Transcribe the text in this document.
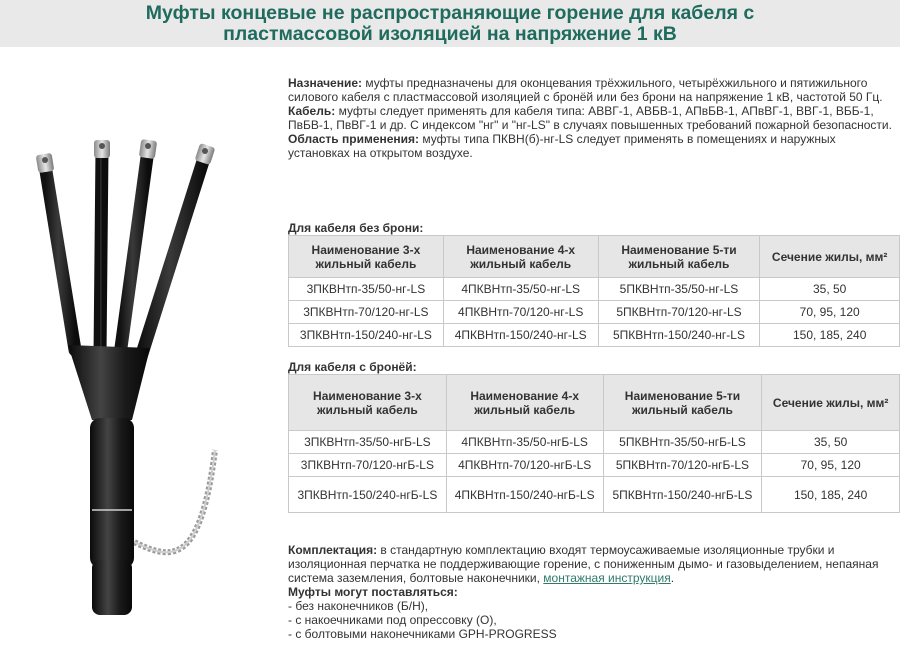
Муфты концевые не распространяющие горение для кабеля с
пластмассовой изоляцией на напряжение 1 кВ
Назначение: муфты предназначены для оконцевания трёхжильного, четырёхжильного и пятижильного силового кабеля с пластмассовой изоляцией с бронёй или без брони на напряжение 1 кВ, частотой 50 Гц.
Кабель: муфты следует применять для кабеля типа: АВВГ-1, АВБВ-1, АПвБВ-1, АПвВГ-1, ВВГ-1, ВББ-1, ПвБВ-1, ПвВГ-1 и др. С индексом "нг" и "нг-LS" в случаях повышенных требований пожарной безопасности.
Область применения: муфты типа ПКВН(б)-нг-LS следует применять в помещениях и наружных установках на открытом воздухе.
Для кабеля без брони:
Наименование 3-х жильный кабель	Наименование 4-х жильный кабель	Наименование 5-ти жильный кабель	Сечение жилы, мм²
3ПКВНтп-35/50-нг-LS	4ПКВНтп-35/50-нг-LS	5ПКВНтп-35/50-нг-LS	35, 50
3ПКВНтп-70/120-нг-LS	4ПКВНтп-70/120-нг-LS	5ПКВНтп-70/120-нг-LS	70, 95, 120
3ПКВНтп-150/240-нг-LS	4ПКВНтп-150/240-нг-LS	5ПКВНтп-150/240-нг-LS	150, 185, 240
Для кабеля с бронёй:
Наименование 3-х жильный кабель	Наименование 4-х жильный кабель	Наименование 5-ти жильный кабель	Сечение жилы, мм²
3ПКВНтп-35/50-нгБ-LS	4ПКВНтп-35/50-нгБ-LS	5ПКВНтп-35/50-нгБ-LS	35, 50
3ПКВНтп-70/120-нгБ-LS	4ПКВНтп-70/120-нгБ-LS	5ПКВНтп-70/120-нгБ-LS	70, 95, 120
3ПКВНтп-150/240-нгБ-LS	4ПКВНтп-150/240-нгБ-LS	5ПКВНтп-150/240-нгБ-LS	150, 185, 240
Комплектация: в стандартную комплектацию входят термоусаживаемые изоляционные трубки и изоляционная перчатка не поддерживающие горение, с пониженным дымо- и газовыделением, непаяная система заземления, болтовые наконечники, монтажная инструкция.
Муфты могут поставляться:
- без наконечников (Б/Н),
- с накоечниками под опрессовку (О),
- с болтовыми наконечниками GPH-PROGRESS
